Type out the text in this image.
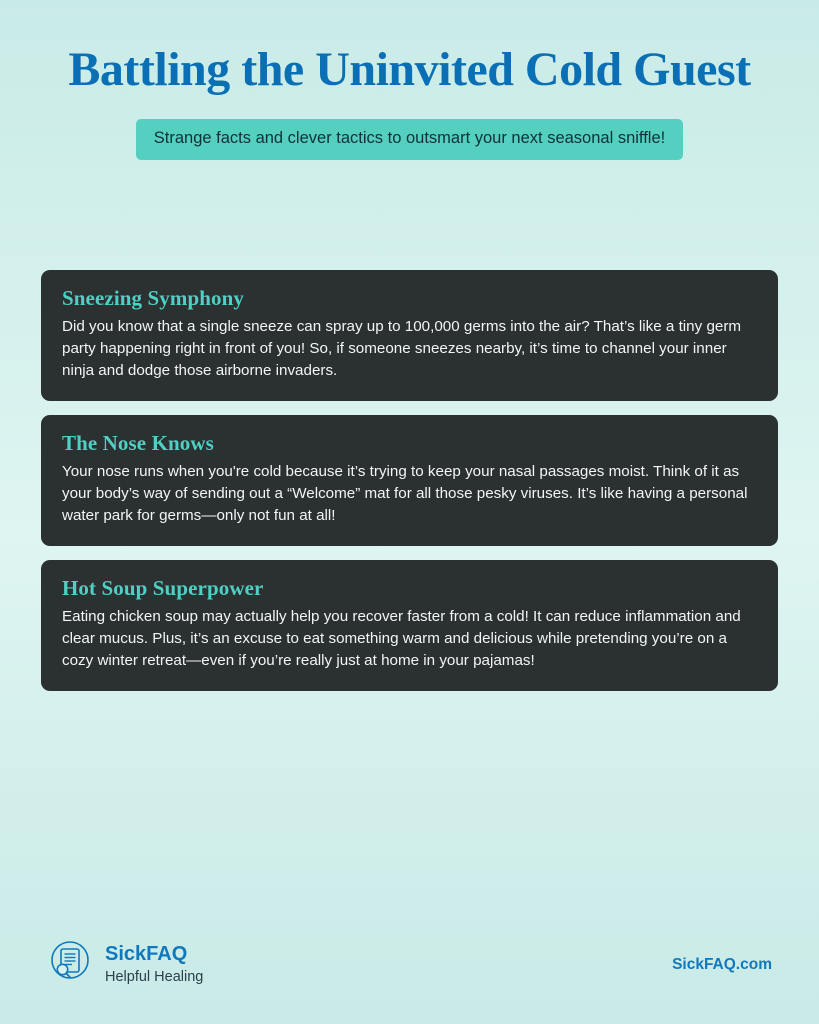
Battling the Uninvited Cold Guest
Strange facts and clever tactics to outsmart your next seasonal sniffle!
Sneezing Symphony
Did you know that a single sneeze can spray up to 100,000 germs into the air? That’s like a tiny germ party happening right in front of you! So, if someone sneezes nearby, it’s time to channel your inner ninja and dodge those airborne invaders.
The Nose Knows
Your nose runs when you're cold because it’s trying to keep your nasal passages moist. Think of it as your body’s way of sending out a “Welcome” mat for all those pesky viruses. It’s like having a personal water park for germs—only not fun at all!
Hot Soup Superpower
Eating chicken soup may actually help you recover faster from a cold! It can reduce inflammation and clear mucus. Plus, it’s an excuse to eat something warm and delicious while pretending you’re on a cozy winter retreat—even if you’re really just at home in your pajamas!
SickFAQ
Helpful Healing
SickFAQ.com
